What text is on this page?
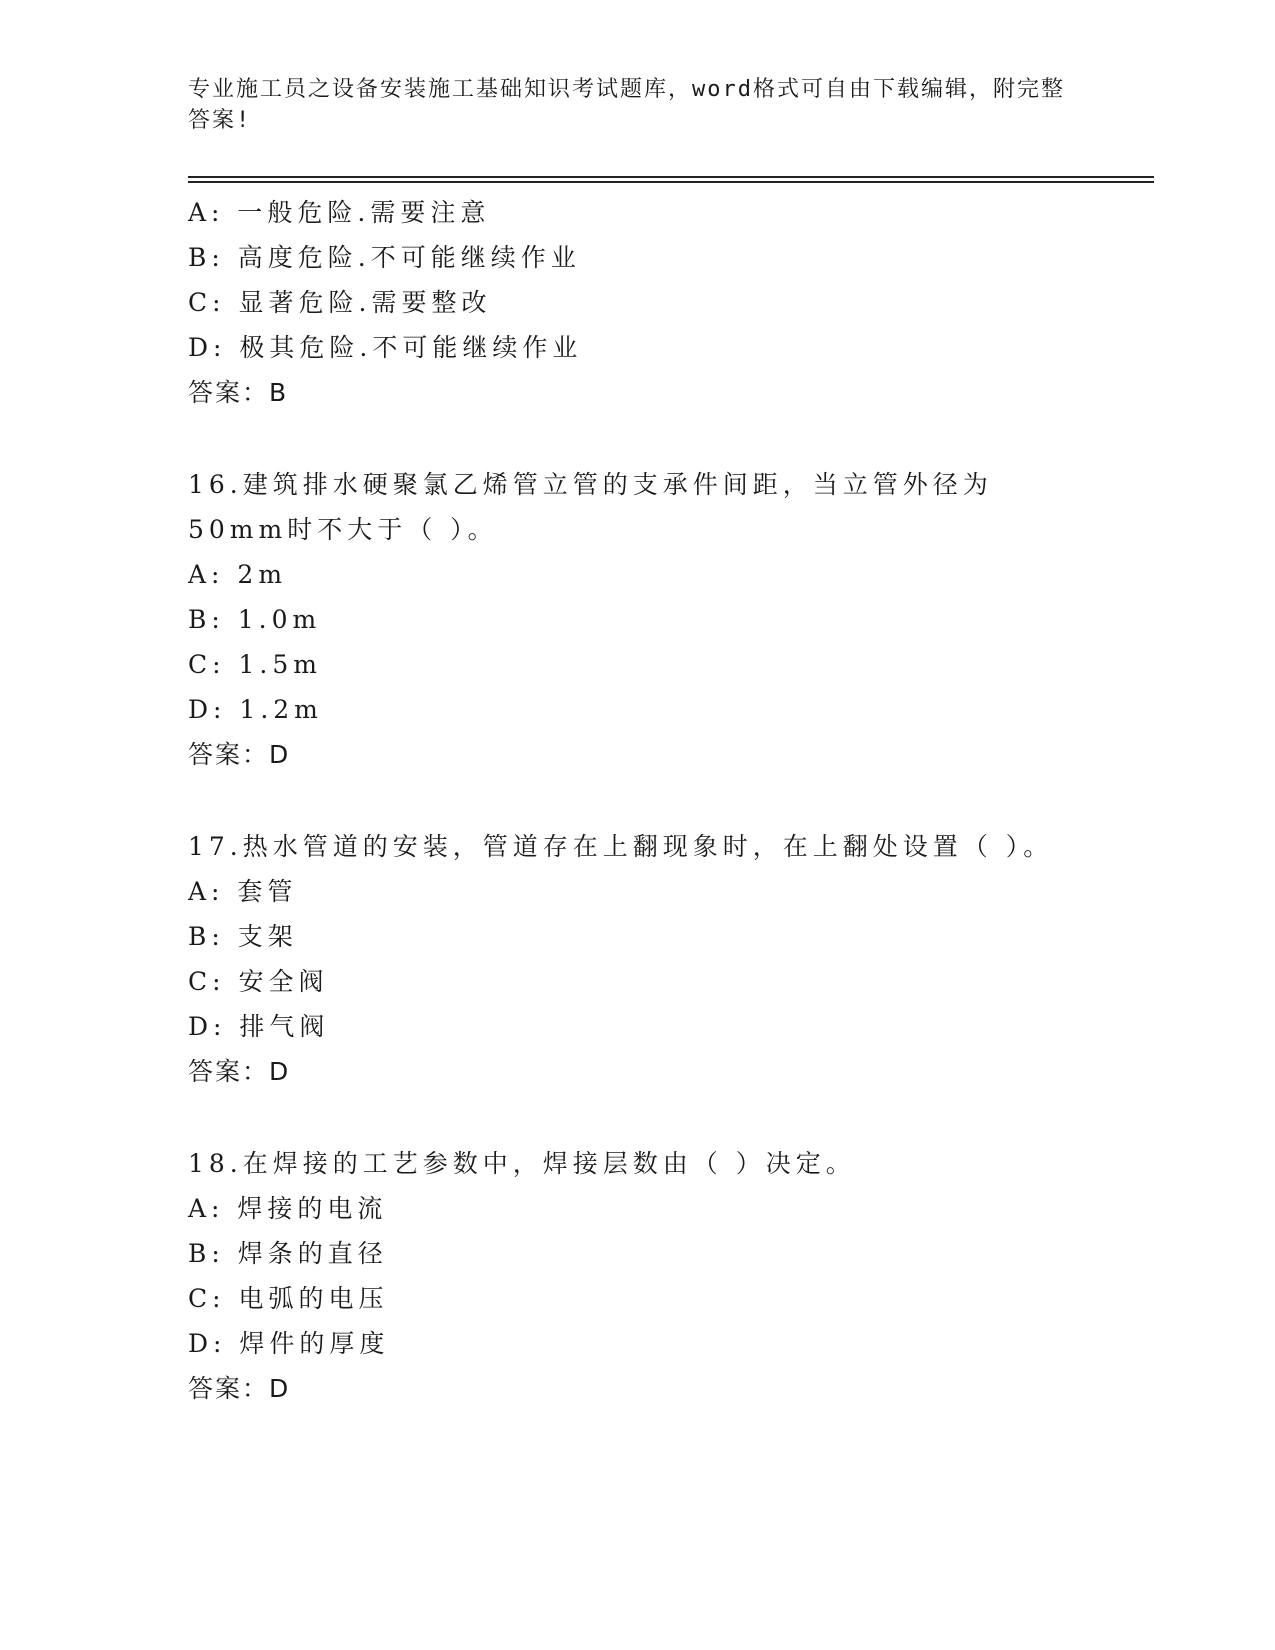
专业施工员之设备安装施工基础知识考试题库，word格式可自由下载编辑，附完整答案!
A: 一般危险.需要注意
B: 高度危险.不可能继续作业
C: 显著危险.需要整改
D: 极其危险.不可能继续作业
答案：B
16.建筑排水硬聚氯乙烯管立管的支承件间距，当立管外径为50mm时不大于（ ）。
A: 2m
B: 1.0m
C: 1.5m
D: 1.2m
答案：D
17.热水管道的安装，管道存在上翻现象时，在上翻处设置（ ）。
A: 套管
B: 支架
C: 安全阀
D: 排气阀
答案：D
18.在焊接的工艺参数中，焊接层数由（ ）决定。
A: 焊接的电流
B: 焊条的直径
C: 电弧的电压
D: 焊件的厚度
答案：D
